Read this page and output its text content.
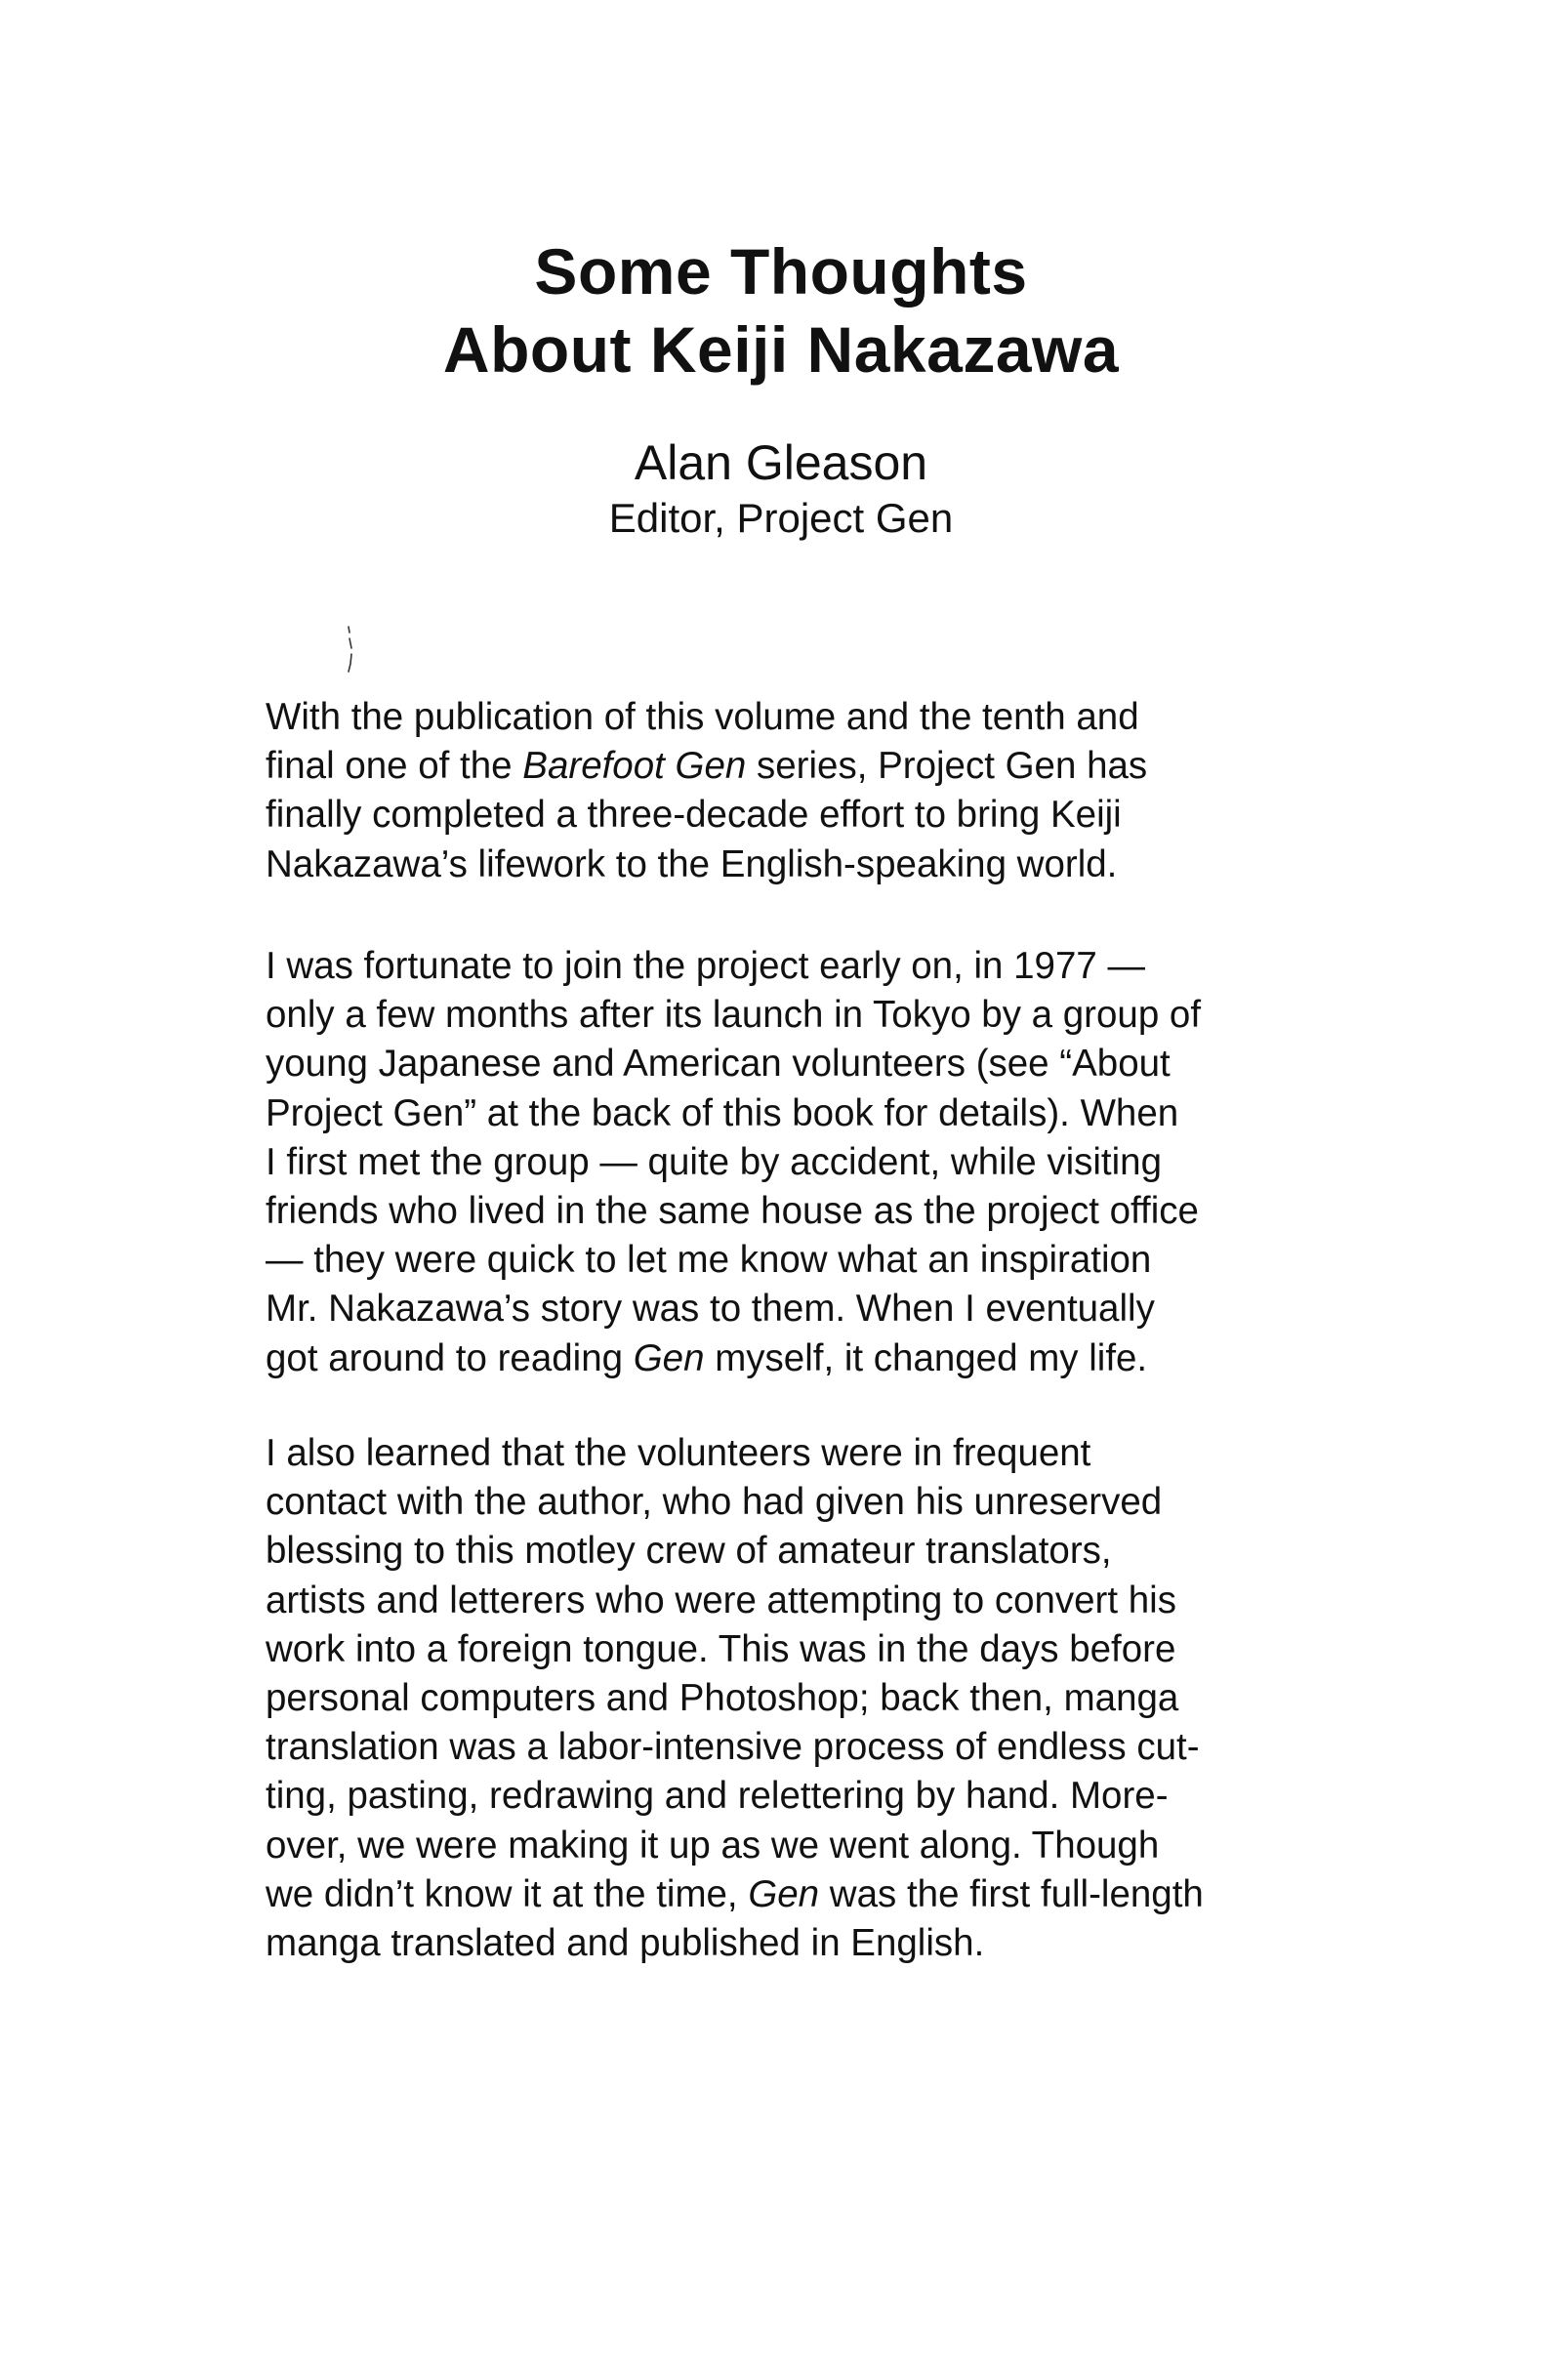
Some Thoughts
About Keiji Nakazawa

Alan Gleason

Editor, Project Gen

With the publication of this volume and the tenth and
final one of the Barefoot Gen series, Project Gen has
finally completed a three-decade effort to bring Keiji
Nakazawa’s lifework to the English-speaking world.

I was fortunate to join the project early on, in 1977 —
only a few months after its launch in Tokyo by a group of
young Japanese and American volunteers (see “About
Project Gen” at the back of this book for details). When
I first met the group — quite by accident, while visiting
friends who lived in the same house as the project office
— they were quick to let me know what an inspiration
Mr. Nakazawa’s story was to them. When I eventually
got around to reading Gen myself, it changed my life.

I also learned that the volunteers were in frequent
contact with the author, who had given his unreserved
blessing to this motley crew of amateur translators,
artists and letterers who were attempting to convert his
work into a foreign tongue. This was in the days before
personal computers and Photoshop; back then, manga
translation was a labor-intensive process of endless cut-
ting, pasting, redrawing and relettering by hand. More-
over, we were making it up as we went along. Though
we didn’t know it at the time, Gen was the first full-length
manga translated and published in English.
